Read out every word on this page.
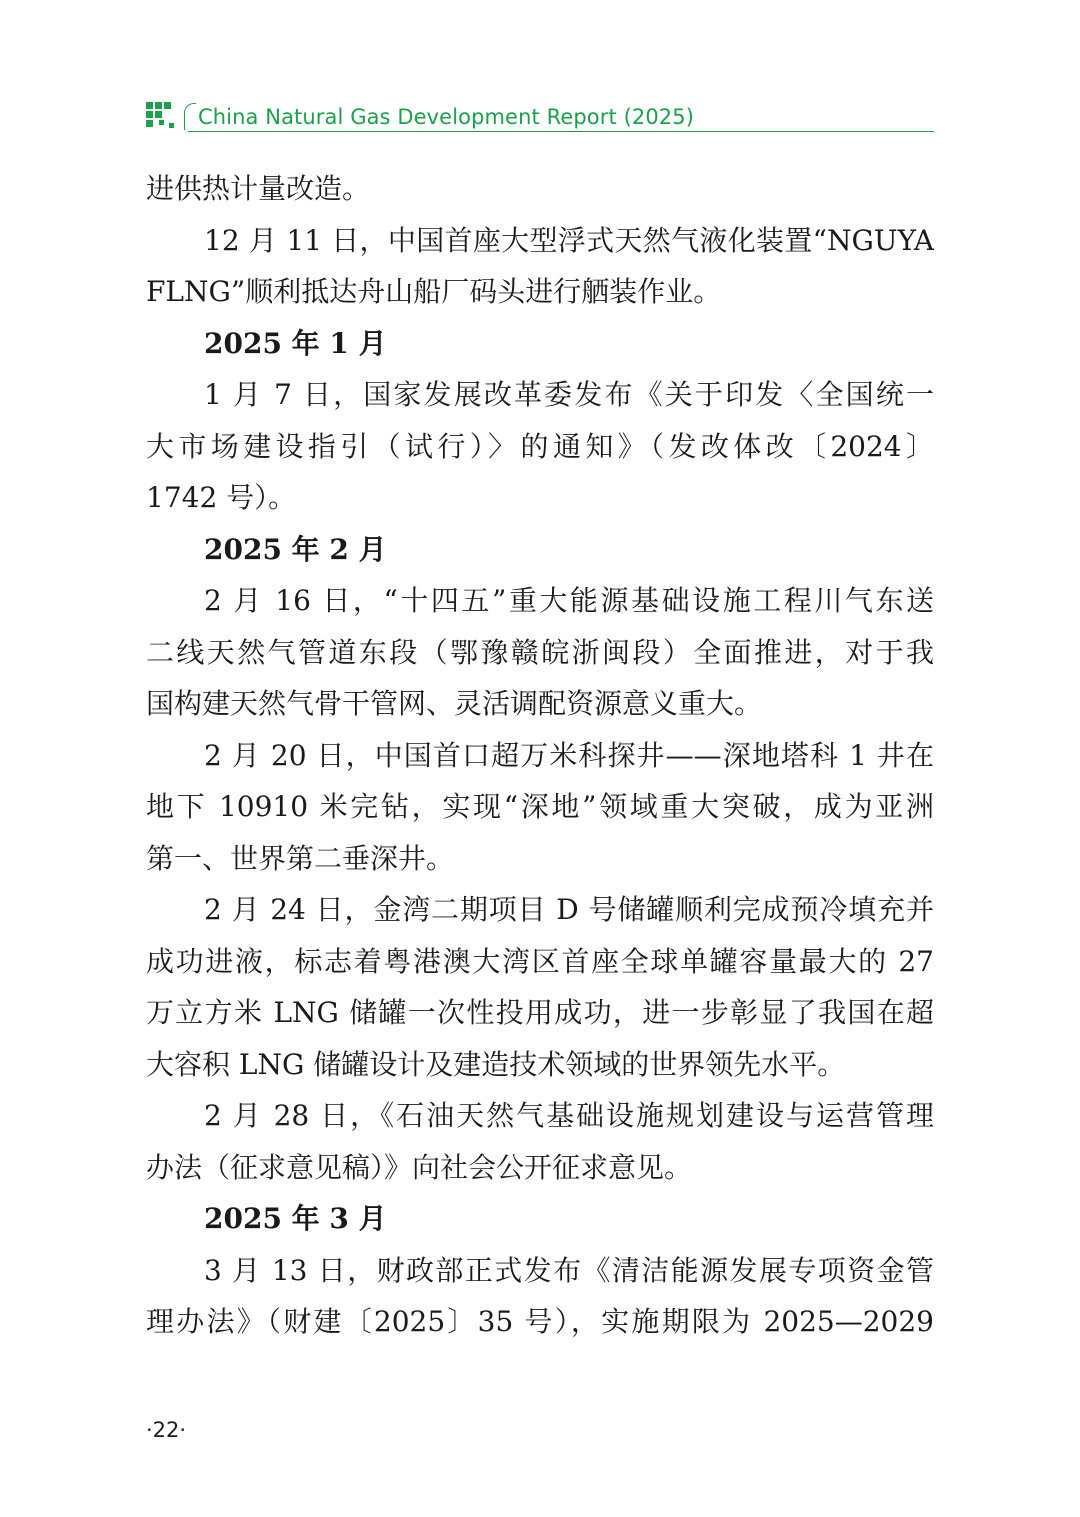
China Natural Gas Development Report (2025)
进供热计量改造。
12 月 11 日，中国首座大型浮式天然气液化装置“NGUYA
FLNG”顺利抵达舟山船厂码头进行舾装作业。
2025 年 1 月
1 月 7 日，国家发展改革委发布《关于印发〈全国统一
大市场建设指引（试行）〉的通知》（发改体改〔2024〕
1742 号）。
2025 年 2 月
2 月 16 日，“十四五”重大能源基础设施工程川气东送
二线天然气管道东段（鄂豫赣皖浙闽段）全面推进，对于我
国构建天然气骨干管网、灵活调配资源意义重大。
2 月 20 日，中国首口超万米科探井——深地塔科 1 井在
地下 10910 米完钻，实现“深地”领域重大突破，成为亚洲
第一、世界第二垂深井。
2 月 24 日，金湾二期项目 D 号储罐顺利完成预冷填充并
成功进液，标志着粤港澳大湾区首座全球单罐容量最大的 27
万立方米 LNG 储罐一次性投用成功，进一步彰显了我国在超
大容积 LNG 储罐设计及建造技术领域的世界领先水平。
2 月 28 日，《石油天然气基础设施规划建设与运营管理
办法（征求意见稿）》向社会公开征求意见。
2025 年 3 月
3 月 13 日，财政部正式发布《清洁能源发展专项资金管
理办法》（财建〔2025〕35 号），实施期限为 2025—2029
·22·
